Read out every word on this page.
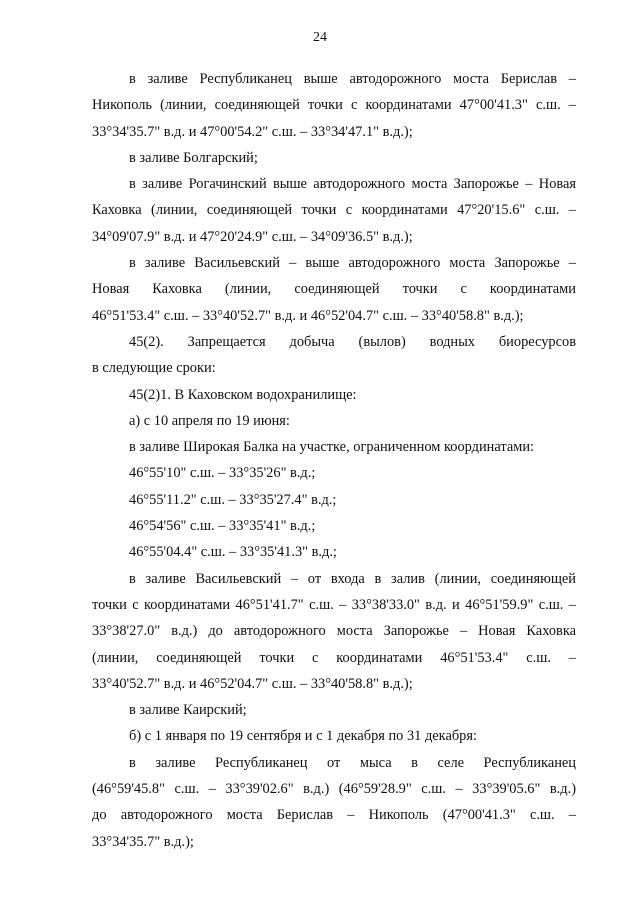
24
в заливе Республиканец выше автодорожного моста Берислав –
Никополь (линии, соединяющей точки с координатами 47°00'41.3" с.ш. –
33°34'35.7" в.д. и 47°00'54.2" с.ш. – 33°34'47.1" в.д.);
в заливе Болгарский;
в заливе Рогачинский выше автодорожного моста Запорожье – Новая
Каховка (линии, соединяющей точки с координатами 47°20'15.6" с.ш. –
34°09'07.9" в.д. и 47°20'24.9" с.ш. – 34°09'36.5" в.д.);
в заливе Васильевский – выше автодорожного моста Запорожье –
Новая Каховка (линии, соединяющей точки с координатами
46°51'53.4" с.ш. – 33°40'52.7" в.д. и 46°52'04.7" с.ш. – 33°40'58.8" в.д.);
45(2). Запрещается добыча (вылов) водных биоресурсов
в следующие сроки:
45(2)1. В Каховском водохранилище:
а) с 10 апреля по 19 июня:
в заливе Широкая Балка на участке, ограниченном координатами:
46°55'10" с.ш. – 33°35'26" в.д.;
46°55'11.2" с.ш. – 33°35'27.4" в.д.;
46°54'56" с.ш. – 33°35'41" в.д.;
46°55'04.4" с.ш. – 33°35'41.3" в.д.;
в заливе Васильевский – от входа в залив (линии, соединяющей
точки с координатами 46°51'41.7" с.ш. – 33°38'33.0" в.д. и 46°51'59.9" с.ш. –
33°38'27.0" в.д.) до автодорожного моста Запорожье – Новая Каховка
(линии, соединяющей точки с координатами 46°51'53.4" с.ш. –
33°40'52.7" в.д. и 46°52'04.7" с.ш. – 33°40'58.8" в.д.);
в заливе Каирский;
б) с 1 января по 19 сентября и с 1 декабря по 31 декабря:
в заливе Республиканец от мыса в селе Республиканец
(46°59'45.8" с.ш. – 33°39'02.6" в.д.) (46°59'28.9" с.ш. – 33°39'05.6" в.д.)
до автодорожного моста Берислав – Никополь (47°00'41.3" с.ш. –
33°34'35.7" в.д.);
